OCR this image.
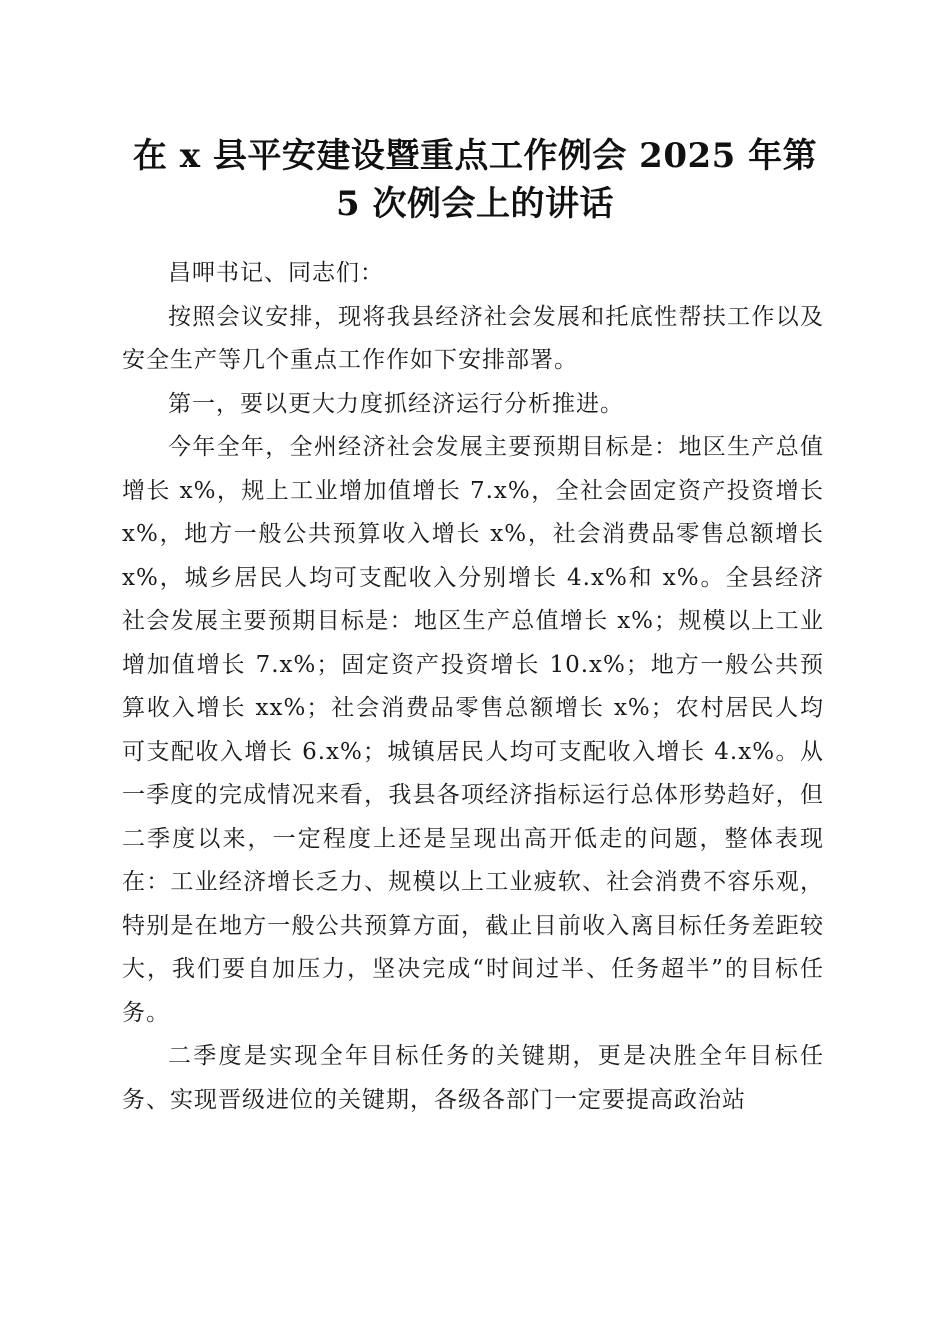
在 x 县平安建设暨重点工作例会 2025 年第 5 次例会上的讲话

昌呷书记、同志们：

按照会议安排，现将我县经济社会发展和托底性帮扶工作以及安全生产等几个重点工作作如下安排部署。

第一，要以更大力度抓经济运行分析推进。

今年全年，全州经济社会发展主要预期目标是：地区生产总值增长 x%，规上工业增加值增长 7.x%，全社会固定资产投资增长 x%，地方一般公共预算收入增长 x%，社会消费品零售总额增长 x%，城乡居民人均可支配收入分别增长 4.x%和 x%。全县经济社会发展主要预期目标是：地区生产总值增长 x%；规模以上工业增加值增长 7.x%；固定资产投资增长 10.x%；地方一般公共预算收入增长 xx%；社会消费品零售总额增长 x%；农村居民人均可支配收入增长 6.x%；城镇居民人均可支配收入增长 4.x%。从一季度的完成情况来看，我县各项经济指标运行总体形势趋好，但二季度以来，一定程度上还是呈现出高开低走的问题，整体表现在：工业经济增长乏力、规模以上工业疲软、社会消费不容乐观，特别是在地方一般公共预算方面，截止目前收入离目标任务差距较大，我们要自加压力，坚决完成“时间过半、任务超半”的目标任务。

二季度是实现全年目标任务的关键期，更是决胜全年目标任务、实现晋级进位的关键期，各级各部门一定要提高政治站
